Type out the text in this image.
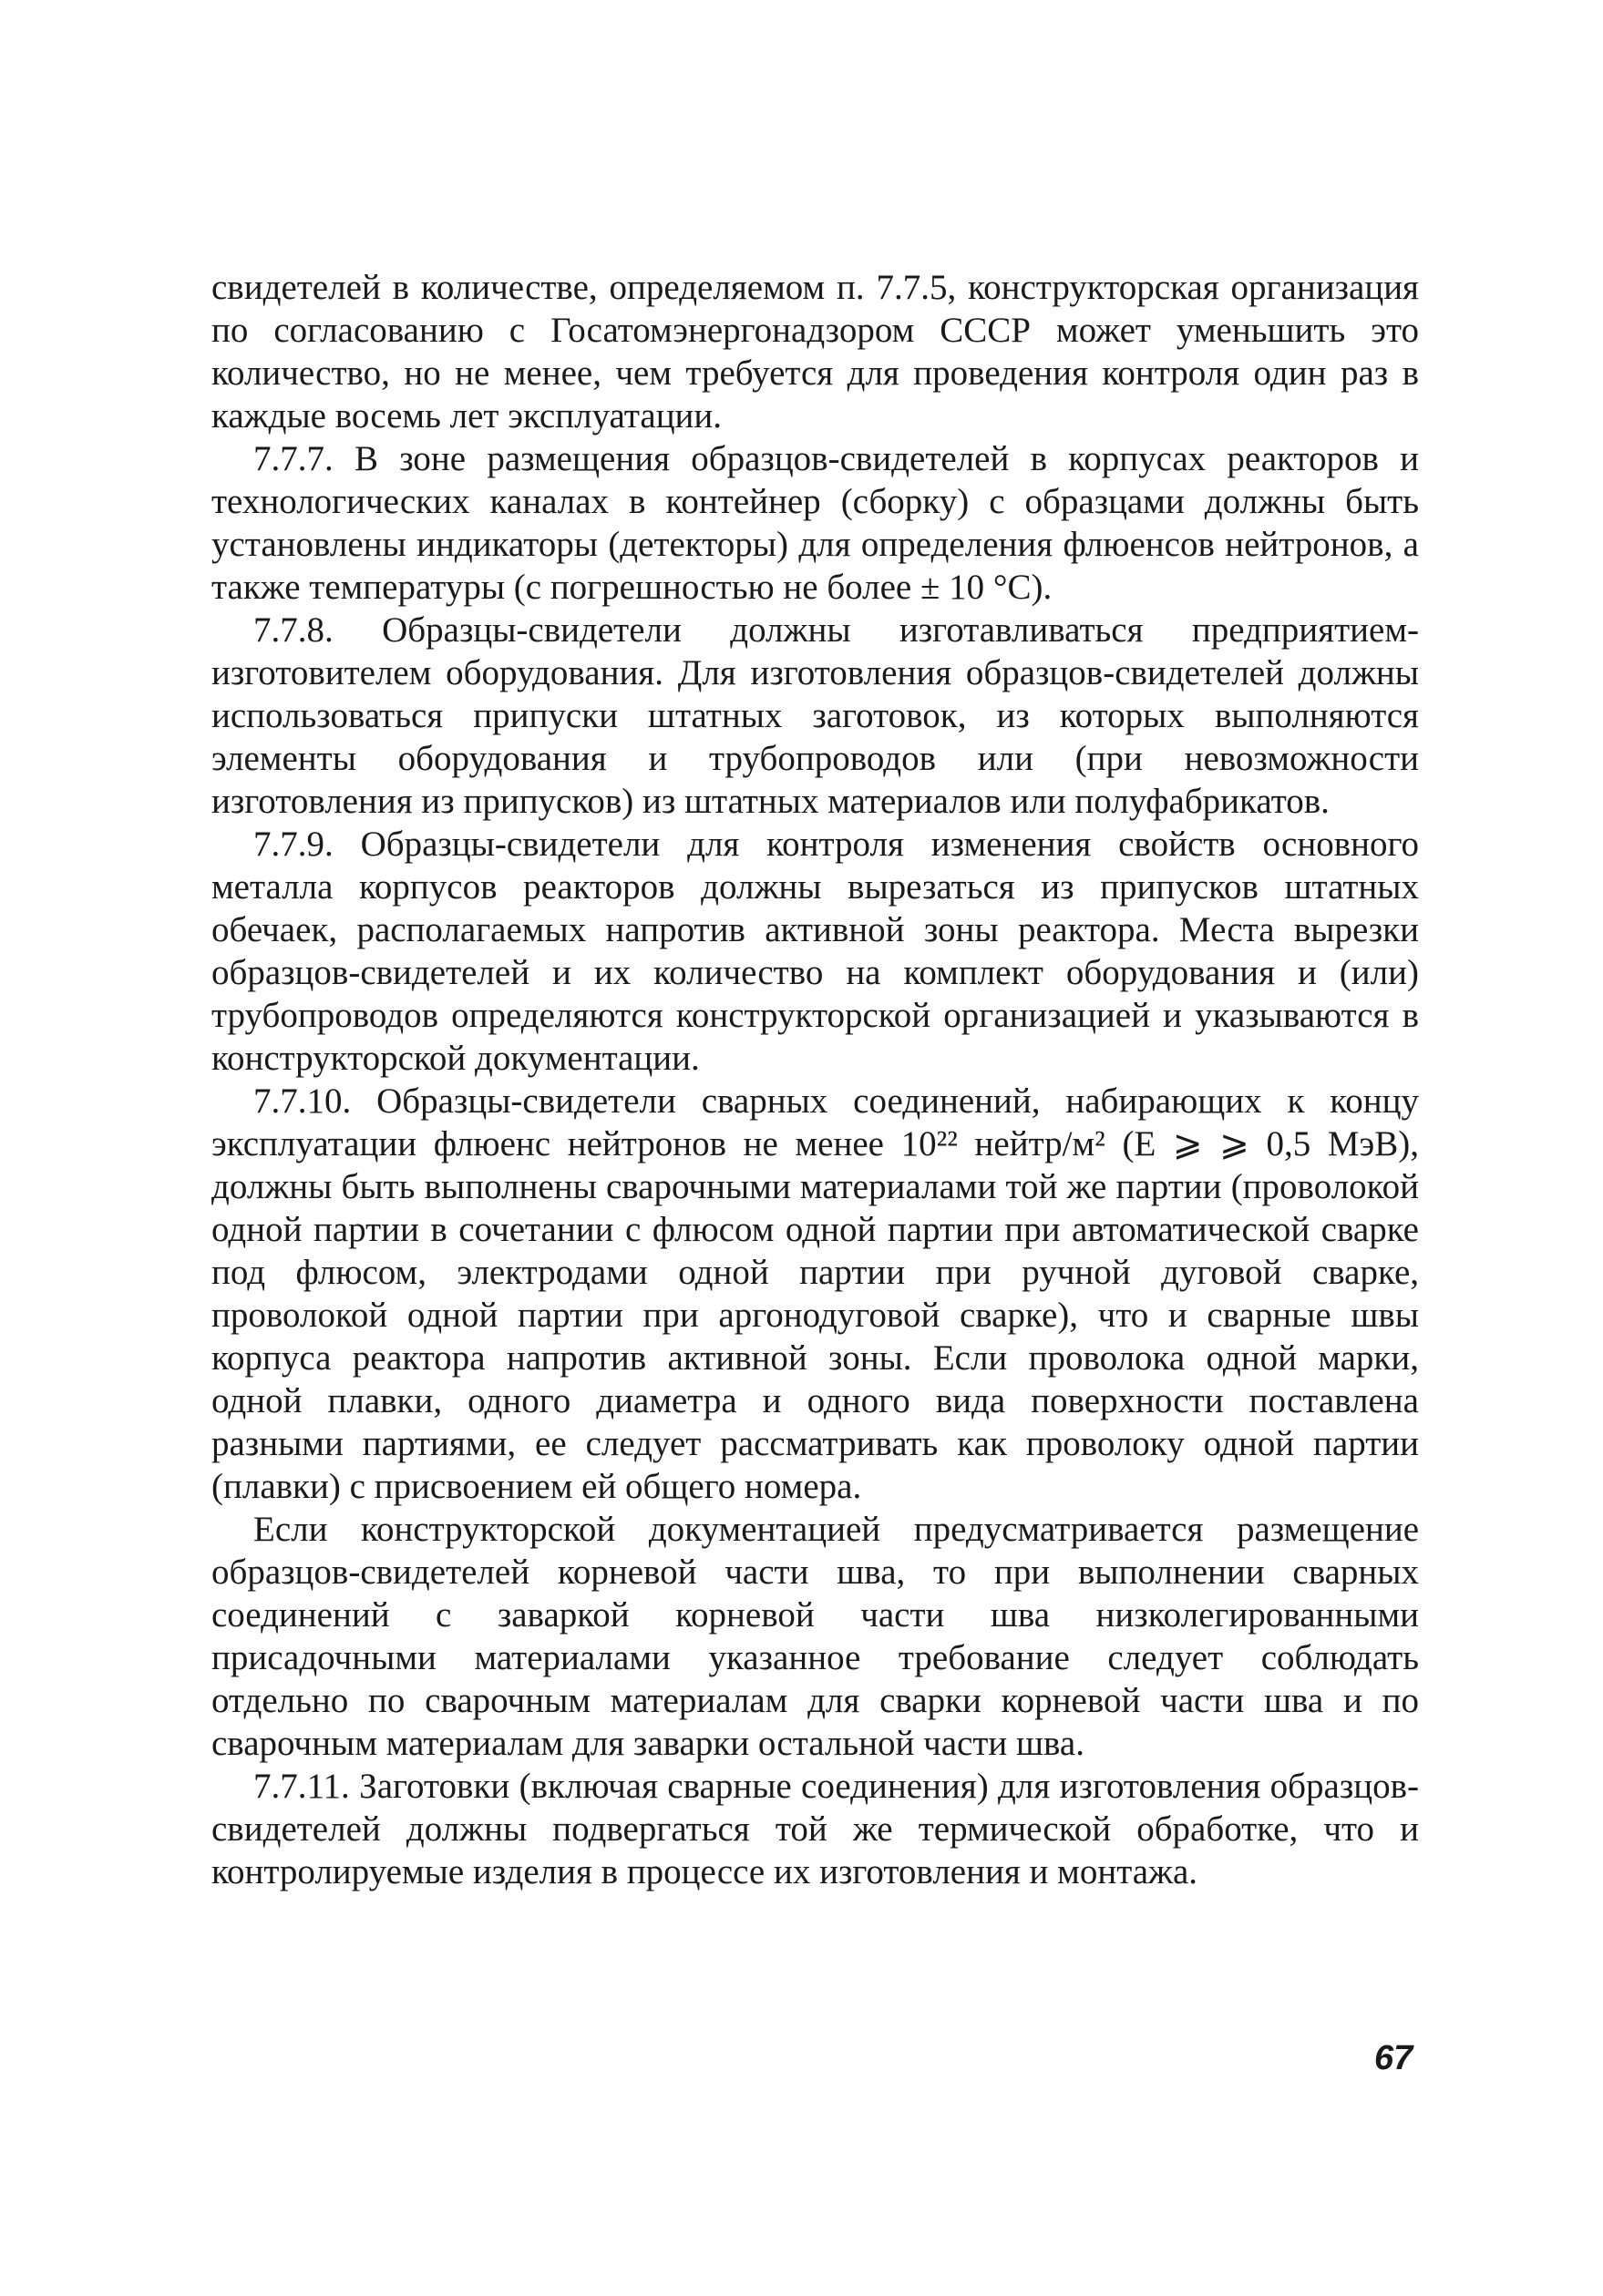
свидетелей в количестве, определяемом п. 7.7.5, конструкторская организация по согласованию с Госатомэнергонадзором СССР может уменьшить это количество, но не менее, чем требуется для проведения контроля один раз в каждые восемь лет эксплуатации.

7.7.7. В зоне размещения образцов-свидетелей в корпусах реакторов и технологических каналах в контейнер (сборку) с образцами должны быть установлены индикаторы (детекторы) для определения флюенсов нейтронов, а также температуры (с погрешностью не более ± 10 °С).

7.7.8. Образцы-свидетели должны изготавливаться предприятием-изготовителем оборудования. Для изготовления образцов-свидетелей должны использоваться припуски штатных заготовок, из которых выполняются элементы оборудования и трубопроводов или (при невозможности изготовления из припусков) из штатных материалов или полуфабрикатов.

7.7.9. Образцы-свидетели для контроля изменения свойств основного металла корпусов реакторов должны вырезаться из припусков штатных обечаек, располагаемых напротив активной зоны реактора. Места вырезки образцов-свидетелей и их количество на комплект оборудования и (или) трубопроводов определяются конструкторской организацией и указываются в конструкторской документации.

7.7.10. Образцы-свидетели сварных соединений, набирающих к концу эксплуатации флюенс нейтронов не менее 10²² нейтр/м² (E ⩾ ⩾ 0,5 МэВ), должны быть выполнены сварочными материалами той же партии (проволокой одной партии в сочетании с флюсом одной партии при автоматической сварке под флюсом, электродами одной партии при ручной дуговой сварке, проволокой одной партии при аргонодуговой сварке), что и сварные швы корпуса реактора напротив активной зоны. Если проволока одной марки, одной плавки, одного диаметра и одного вида поверхности поставлена разными партиями, ее следует рассматривать как проволоку одной партии (плавки) с присвоением ей общего номера.

Если конструкторской документацией предусматривается размещение образцов-свидетелей корневой части шва, то при выполнении сварных соединений с заваркой корневой части шва низколегированными присадочными материалами указанное требование следует соблюдать отдельно по сварочным материалам для сварки корневой части шва и по сварочным материалам для заварки остальной части шва.

7.7.11. Заготовки (включая сварные соединения) для изготовления образцов-свидетелей должны подвергаться той же термической обработке, что и контролируемые изделия в процессе их изготовления и монтажа.

67
